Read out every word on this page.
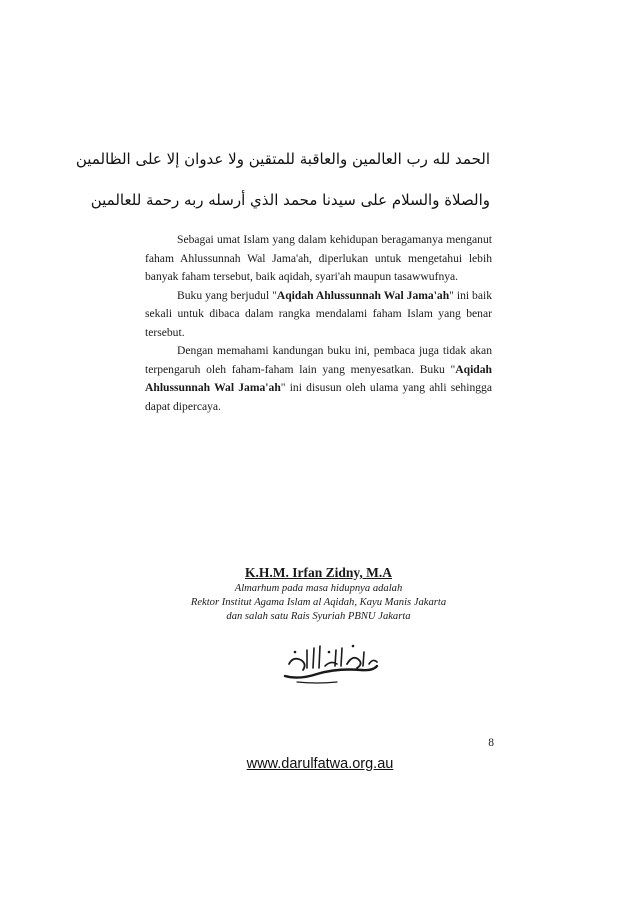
الحمد لله رب العالمين والعاقبة للمتقين ولا عدوان إلا على الظالمين
والصلاة والسلام على سيدنا محمد الذي أرسله ربه رحمة للعالمين

Sebagai umat Islam yang dalam kehidupan beragamanya menganut faham Ahlussunnah Wal Jama'ah, diperlukan untuk mengetahui lebih banyak faham tersebut, baik aqidah, syari'ah maupun tasawwufnya.

Buku yang berjudul "Aqidah Ahlussunnah Wal Jama'ah" ini baik sekali untuk dibaca dalam rangka mendalami faham Islam yang benar tersebut.

Dengan memahami kandungan buku ini, pembaca juga tidak akan terpengaruh oleh faham-faham lain yang menyesatkan. Buku "Aqidah Ahlussunnah Wal Jama'ah" ini disusun oleh ulama yang ahli sehingga dapat dipercaya.

K.H.M. Irfan Zidny, M.A
Almarhum pada masa hidupnya adalah
Rektor Institut Agama Islam al Aqidah, Kayu Manis Jakarta
dan salah satu Rais Syuriah PBNU Jakarta
8
www.darulfatwa.org.au
